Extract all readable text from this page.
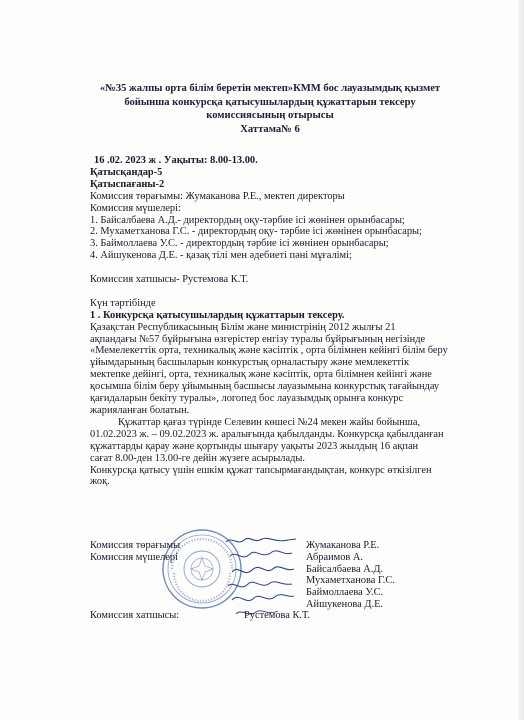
«№35 жалпы орта білім беретін мектеп»КММ бос лауазымдық қызмет
бойынша конкурсқа қатысушылардың құжаттарын тексеру
комиссиясының отырысы
Хаттама№ 6
16 .02. 2023 ж . Уақыты: 8.00-13.00.
Қатысқандар-5
Қатыспағаны-2
Комиссия төрағымы: Жумаканова Р.Е., мектеп директоры
Комиссия мүшелері:
1. Байсалбаева А.Д.- директордың оқу-тәрбие ісі жөнінен орынбасары;
2. Мухаметханова Г.С. - директордың оқу- тәрбие ісі жөнінен орынбасары;
3. Баймоллаева У.С. - директордың тәрбие ісі жөнінен орынбасары;
4. Айшукенова Д.Е. - қазақ тілі мен әдебиеті пәні мұғалімі;
Комиссия хатшысы- Рустемова К.Т.
Күн тәртібінде
1 . Конкурсқа қатысушылардың құжаттарын тексеру.
Қазақстан Республикасының Білім және министрінің 2012 жылғы 21
ақпандағы №57 бұйрығына өзгерістер енгізу туралы бұйрығының негізінде
«Мемелекеттік орта, техникалық және кәсіптік , орта білімнен кейінгі білім беру
ұйымдарының басшыларын конкурстық орналастыру және мемлекеттік
мектепке дейінгі, орта, техникалық және кәсіптік, орта білімнен кейінгі және
қосымша білім беру ұйымының басшысы лауазымына конкурстық тағайындау
қағидаларын бекіту туралы», логопед бос лауазымдық орынға конкурс
жарияланған болатын.
Құжаттар қағаз түрінде Селевин көшесі №24 мекен жайы бойынша,
01.02.2023 ж. – 09.02.2023 ж. аралығында қабылданды. Конкурсқа қабылданған
құжаттарды қарау және қортынды шығару уақыты 2023 жылдың 16 ақпан
сағат 8.00-ден 13.00-ге дейін жүзеге асырылады.
Конкурсқа қатысу үшін ешкім құжат тапсырмағандықтан, конкурс өткізілген
жоқ.
Комиссия төрағымы	Жумаканова Р.Е.
Комиссия мүшелері	Абраимов А.
Байсалбаева А.Д.
Мухаметханова Г.С.
Баймоллаева У.С.
Айшукенова Д.Е.
Комиссия хатшысы:	Рустемова К.Т.
